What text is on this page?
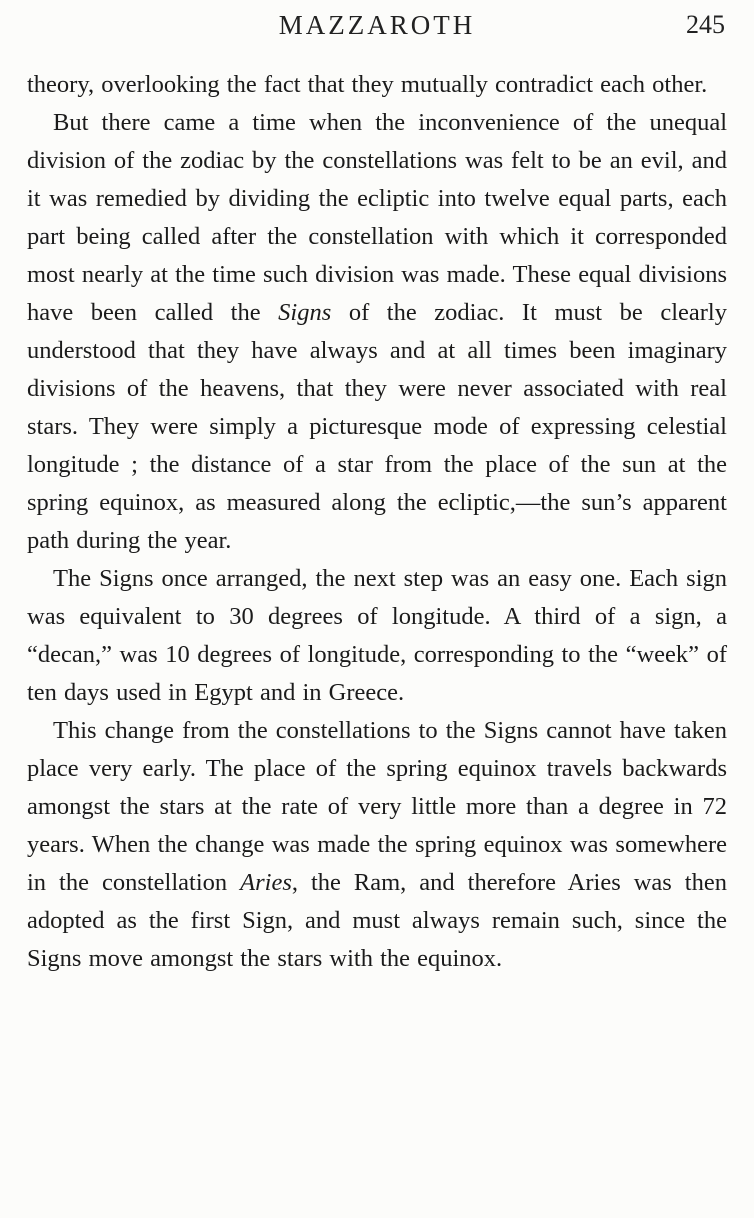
MAZZAROTH	245

theory, overlooking the fact that they mutually contradict each other.

But there came a time when the inconvenience of the unequal division of the zodiac by the constellations was felt to be an evil, and it was remedied by dividing the ecliptic into twelve equal parts, each part being called after the constellation with which it corresponded most nearly at the time such division was made. These equal divisions have been called the Signs of the zodiac. It must be clearly understood that they have always and at all times been imaginary divisions of the heavens, that they were never associated with real stars. They were simply a picturesque mode of expressing celestial longitude ; the distance of a star from the place of the sun at the spring equinox, as measured along the ecliptic,—the sun’s apparent path during the year.

The Signs once arranged, the next step was an easy one. Each sign was equivalent to 30 degrees of longitude. A third of a sign, a “decan,” was 10 degrees of longitude, corresponding to the “week” of ten days used in Egypt and in Greece.

This change from the constellations to the Signs cannot have taken place very early. The place of the spring equinox travels backwards amongst the stars at the rate of very little more than a degree in 72 years. When the change was made the spring equinox was somewhere in the constellation Aries, the Ram, and therefore Aries was then adopted as the first Sign, and must always remain such, since the Signs move amongst the stars with the equinox.
